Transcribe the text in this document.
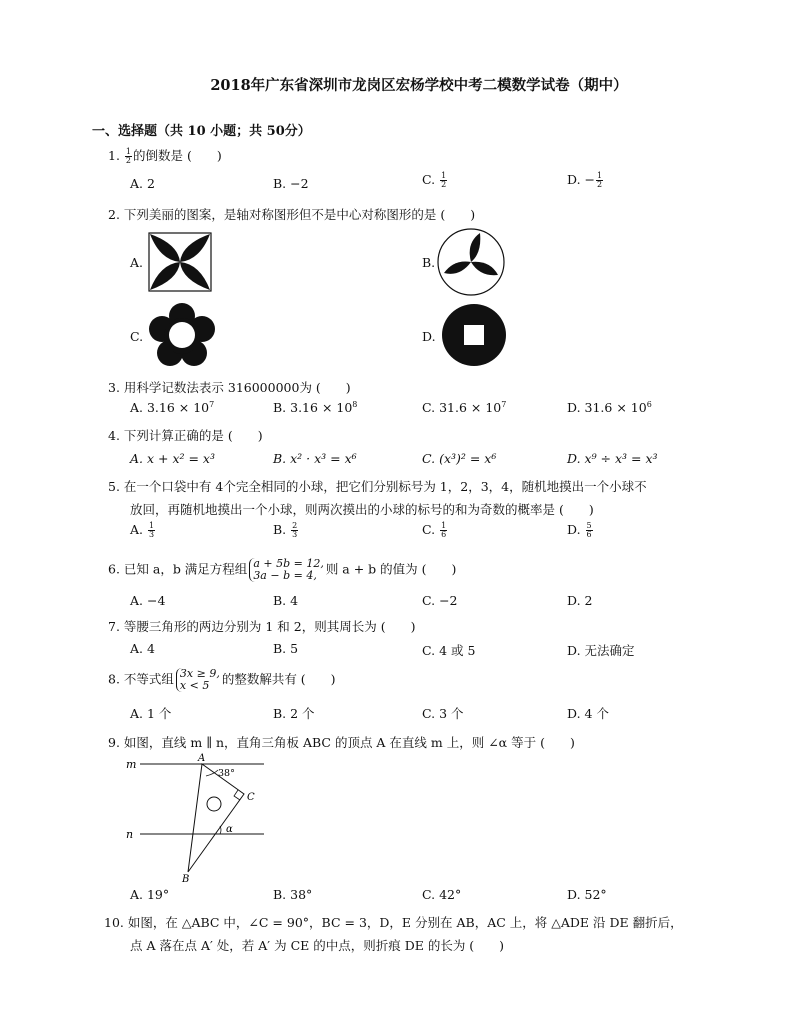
2018年广东省深圳市龙岗区宏杨学校中考二模数学试卷（期中）
一、选择题（共 10 小题；共 50分）
1. $\frac{1}{2}$ 的倒数是 (　　)
A. 2	B. −2	C. $\frac{1}{2}$	D. − $\frac{1}{2}$
2. 下列美丽的图案，是轴对称图形但不是中心对称图形的是 (　　)
A.	B.
C.	D.
3. 用科学记数法表示 316000000为 (　　)
A. $3.16 \times 10^7$	B. $3.16 \times 10^8$	C. $31.6 \times 10^7$	D. $31.6 \times 10^6$
4. 下列计算正确的是 (　　)
A. x + x² = x³	B. x² · x³ = x⁶	C. (x³)² = x⁶	D. x⁹ ÷ x³ = x³
5. 在一个口袋中有 4个完全相同的小球，把它们分别标号为 1，2，3，4，随机地摸出一个小球不
放回，再随机地摸出一个小球，则两次摸出的小球的标号的和为奇数的概率是 (　　)
A. $\frac{1}{3}$	B. $\frac{2}{3}$	C. $\frac{1}{6}$	D. $\frac{5}{6}$
6. 已知 a，b 满足方程组 a + 5b = 12,
3a − b = 4, 则 a + b 的值为 (　　)
A. −4	B. 4	C. −2	D. 2
7. 等腰三角形的两边分别为 1 和 2，则其周长为 (　　)
A. 4	B. 5	C. 4 或 5	D. 无法确定
8. 不等式组 3x ≥ 9,
x < 5	的整数解共有 (　　)
A. 1 个	B. 2 个	C. 3 个	D. 4 个
9. 如图，直线 m ∥ n，直角三角板 ABC 的顶点 A 在直线 m 上，则 ∠α 等于 (　　)
m
n
A
B
C
38°
α
A. 19°	B. 38°	C. 42°	D. 52°
10. 如图，在 △ABC 中，∠C = 90°，BC = 3，D，E 分别在 AB，AC 上，将 △ADE 沿 DE 翻折后，
点 A 落在点 A′ 处，若 A′ 为 CE 的中点，则折痕 DE 的长为 (　　)
